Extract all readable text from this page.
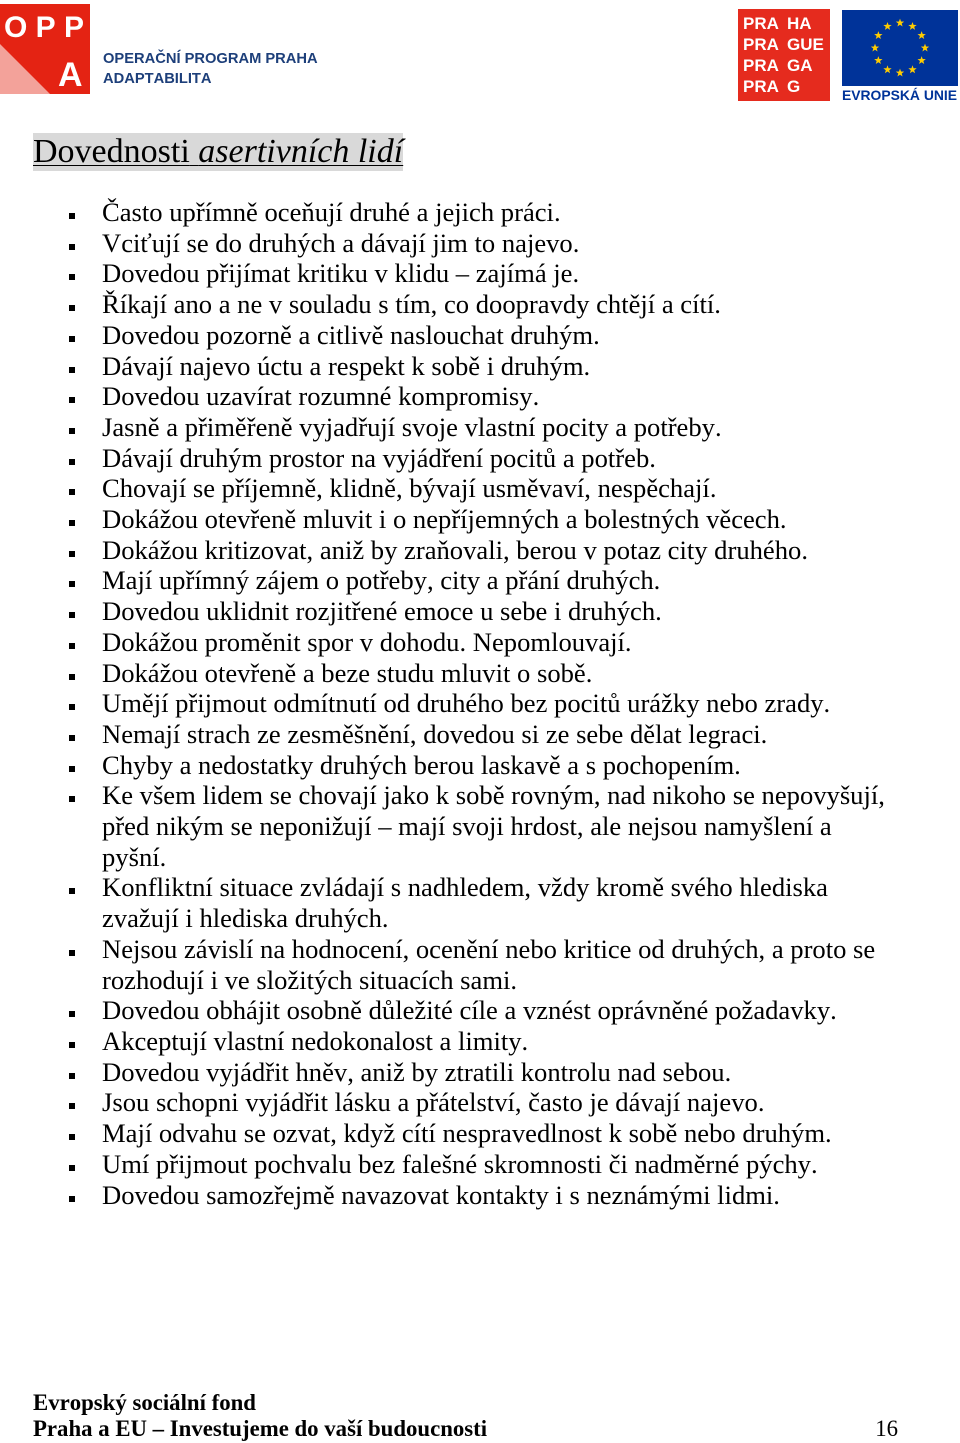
O P P
A OPERAČNÍ PROGRAM PRAHA
ADAPTABILITA
PRA HA
PRA GUE
PRA GA
PRA G	EVROPSKÁ UNIE
Dovednosti asertivních lidí
Často upřímně oceňují druhé a jejich práci.
Vciťují se do druhých a dávají jim to najevo.
Dovedou přijímat kritiku v klidu – zajímá je.
Říkají ano a ne v souladu s tím, co doopravdy chtějí a cítí.
Dovedou pozorně a citlivě naslouchat druhým.
Dávají najevo úctu a respekt k sobě i druhým.
Dovedou uzavírat rozumné kompromisy.
Jasně a přiměřeně vyjadřují svoje vlastní pocity a potřeby.
Dávají druhým prostor na vyjádření pocitů a potřeb.
Chovají se příjemně, klidně, bývají usměvaví, nespěchají.
Dokážou otevřeně mluvit i o nepříjemných a bolestných věcech.
Dokážou kritizovat, aniž by zraňovali, berou v potaz city druhého.
Mají upřímný zájem o potřeby, city a přání druhých.
Dovedou uklidnit rozjitřené emoce u sebe i druhých.
Dokážou proměnit spor v dohodu. Nepomlouvají.
Dokážou otevřeně a beze studu mluvit o sobě.
Umějí přijmout odmítnutí od druhého bez pocitů urážky nebo zrady.
Nemají strach ze zesměšnění, dovedou si ze sebe dělat legraci.
Chyby a nedostatky druhých berou laskavě a s pochopením.
Ke všem lidem se chovají jako k sobě rovným, nad nikoho se nepovyšují, před nikým se neponižují – mají svoji hrdost, ale nejsou namyšlení a pyšní.
Konfliktní situace zvládají s nadhledem, vždy kromě svého hlediska zvažují i hlediska druhých.
Nejsou závislí na hodnocení, ocenění nebo kritice od druhých, a proto se rozhodují i ve složitých situacích sami.
Dovedou obhájit osobně důležité cíle a vznést oprávněné požadavky.
Akceptují vlastní nedokonalost a limity.
Dovedou vyjádřit hněv, aniž by ztratili kontrolu nad sebou.
Jsou schopni vyjádřit lásku a přátelství, často je dávají najevo.
Mají odvahu se ozvat, když cítí nespravedlnost k sobě nebo druhým.
Umí přijmout pochvalu bez falešné skromnosti či nadměrné pýchy.
Dovedou samozřejmě navazovat kontakty i s neznámými lidmi.
Evropský sociální fond
Praha a EU – Investujeme do vaší budoucnosti	16
